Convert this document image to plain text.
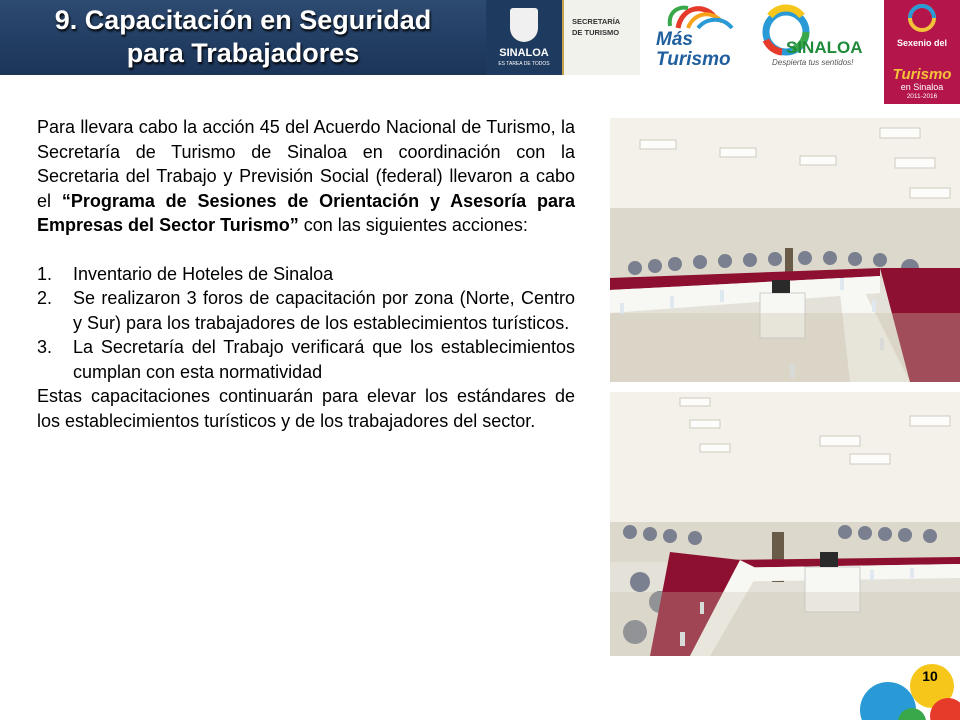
9. Capacitación en Seguridad
para Trabajadores	SINALOA
ES TAREA DE TODOS
SECRETARÍA
DE TURISMO Más
Turismo
SINALOA
Despierta tus sentidos!
Sexenio del
Turismo
en Sinaloa
2011-2016

Para llevara cabo la acción 45 del Acuerdo Nacional de Turismo, la Secretaría de Turismo de Sinaloa en coordinación con la Secretaria del Trabajo y Previsión Social (federal) llevaron a cabo el “Programa de Sesiones de Orientación y Asesoría para Empresas del Sector Turismo” con las siguientes acciones:

1. Inventario de Hoteles de Sinaloa
2. Se realizaron 3 foros de capacitación por zona (Norte, Centro y Sur) para los trabajadores de los establecimientos turísticos.
3. La Secretaría del Trabajo verificará que los establecimientos cumplan con esta normatividad

Estas capacitaciones continuarán para elevar los estándares de los establecimientos turísticos y de los trabajadores del sector.

10
